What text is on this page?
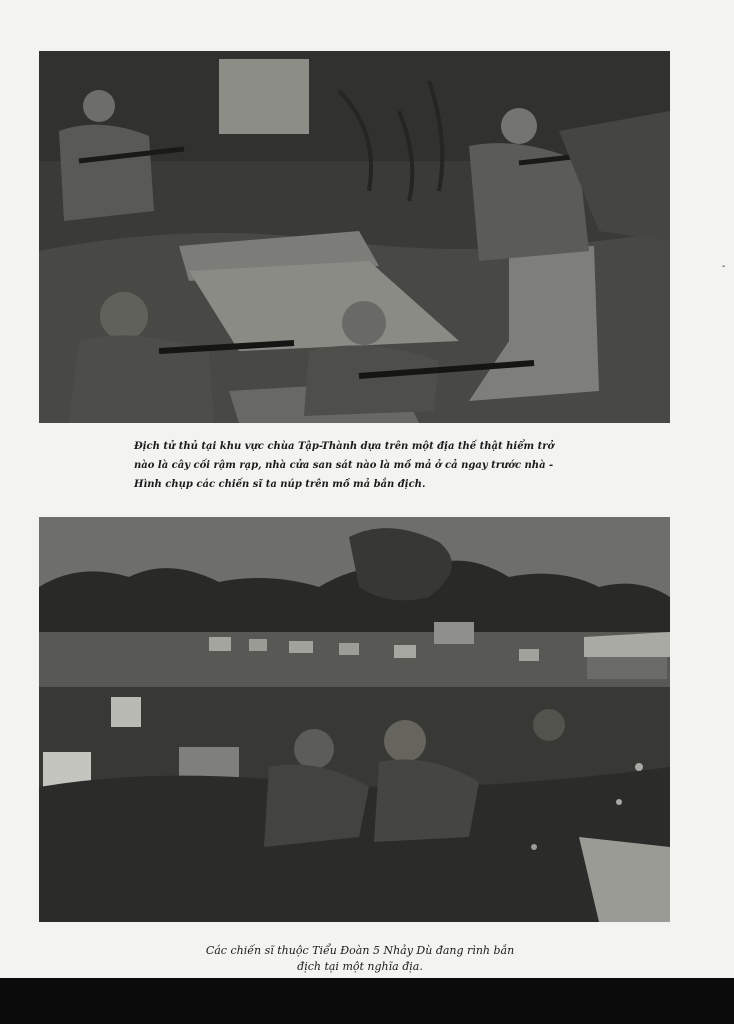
-
Địch tử thủ tại khu vực chùa Tập-Thành dựa trên một địa thế thật hiểm trở
nào là cây cối rậm rạp, nhà cửa san sát nào là mồ mả ở cả ngay trước nhà -
Hình chụp các chiến sĩ ta núp trên mồ mả bắn địch.
Các chiến sĩ thuộc Tiểu Đoàn 5 Nhảy Dù đang rình bắn
địch tại một nghĩa địa.
